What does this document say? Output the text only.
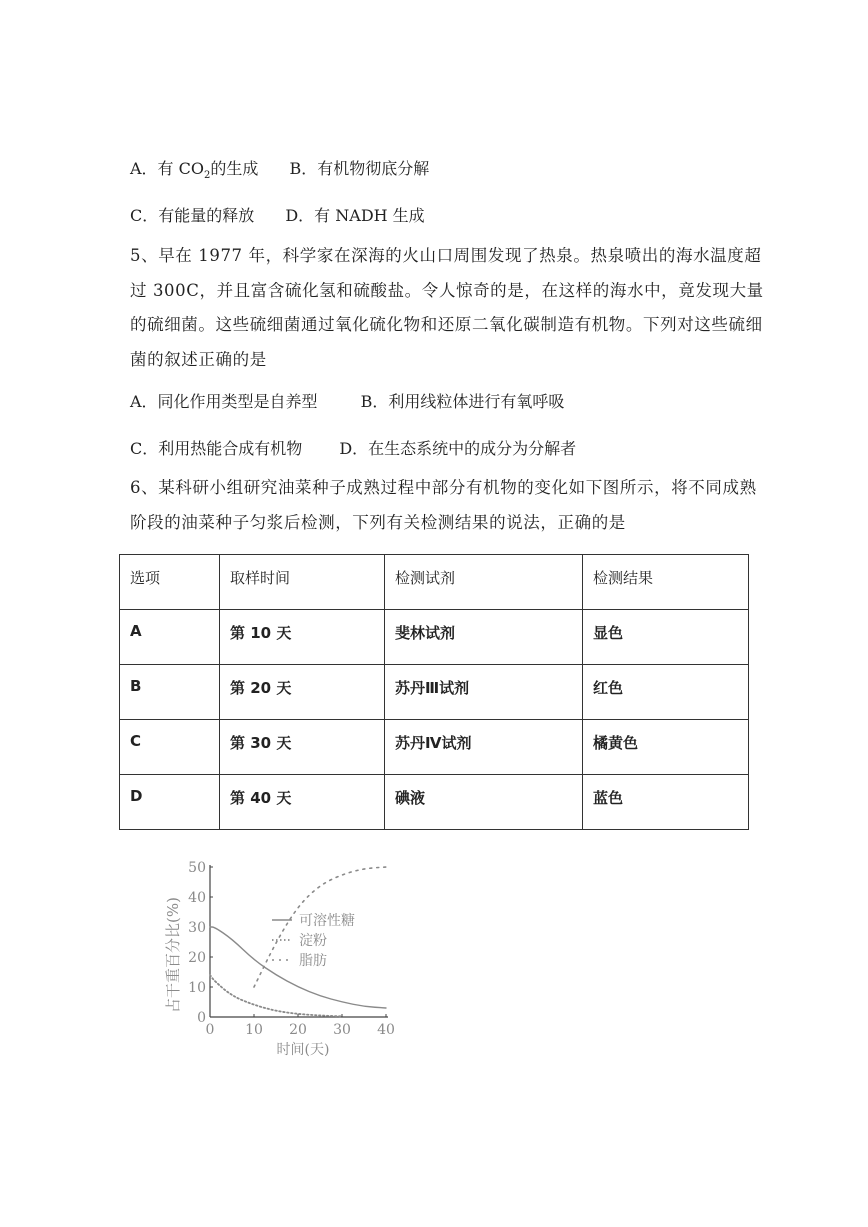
A．有 $CO_2$的生成 B．有机物彻底分解
C．有能量的释放 D．有 NADH 生成
5、早在 1977 年，科学家在深海的火山口周围发现了热泉。热泉喷出的海水温度超过 300C，并且富含硫化氢和硫酸盐。令人惊奇的是，在这样的海水中，竟发现大量的硫细菌。这些硫细菌通过氧化硫化物和还原二氧化碳制造有机物。下列对这些硫细菌的叙述正确的是
A．同化作用类型是自养型	B．利用线粒体进行有氧呼吸
C．利用热能合成有机物 D．在生态系统中的成分为分解者
6、某科研小组研究油菜种子成熟过程中部分有机物的变化如下图所示，将不同成熟阶段的油菜种子匀浆后检测，下列有关检测结果的说法，正确的是
选项	取样时间	检测试剂	检测结果
A	第 10 天	斐林试剂	显色
B	第 20 天	苏丹Ⅲ试剂	红色
C	第 30 天	苏丹Ⅳ试剂	橘黄色
D	第 40 天	碘液	蓝色
占干重百分比(%)
时间(天)
0 10 20 30 40
0
10
20
30
40
50
可溶性糖
淀粉
脂肪
